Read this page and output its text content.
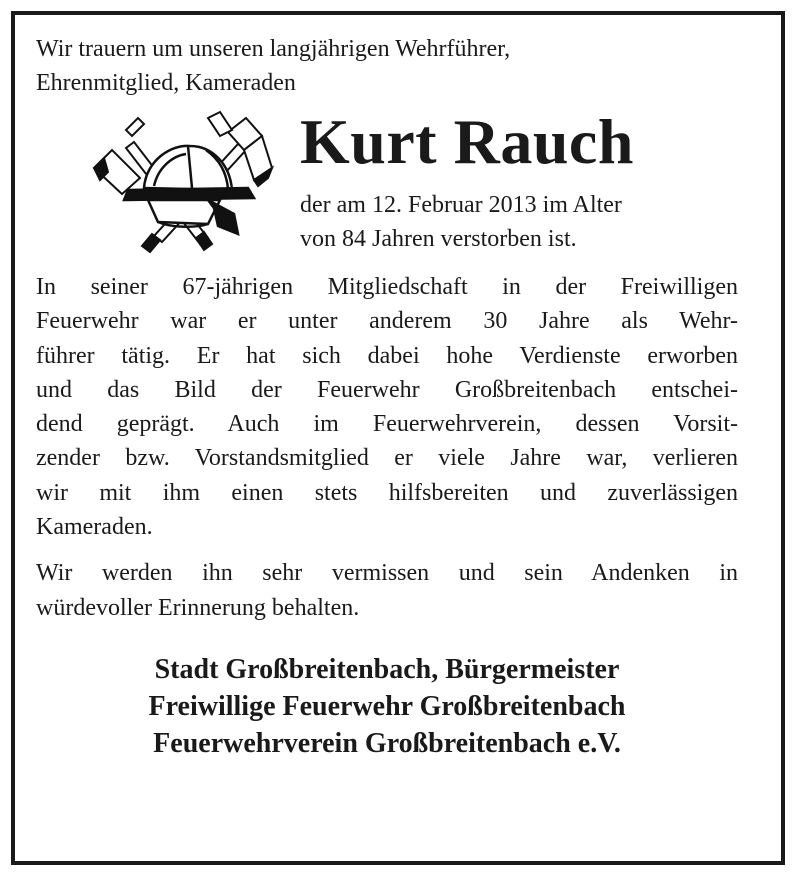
Wir trauern um unseren langjährigen Wehrführer,
Ehrenmitglied, Kameraden

Kurt Rauch

der am 12. Februar 2013 im Alter
von 84 Jahren verstorben ist.

In seiner 67-jährigen Mitgliedschaft in der Freiwilligen
Feuerwehr war er unter anderem 30 Jahre als Wehr-
führer tätig. Er hat sich dabei hohe Verdienste erworben
und das Bild der Feuerwehr Großbreitenbach entschei-
dend geprägt. Auch im Feuerwehrverein, dessen Vorsit-
zender bzw. Vorstandsmitglied er viele Jahre war, verlieren
wir mit ihm einen stets hilfsbereiten und zuverlässigen
Kameraden.

Wir werden ihn sehr vermissen und sein Andenken in
würdevoller Erinnerung behalten.

Stadt Großbreitenbach, Bürgermeister
Freiwillige Feuerwehr Großbreitenbach
Feuerwehrverein Großbreitenbach e.V.
